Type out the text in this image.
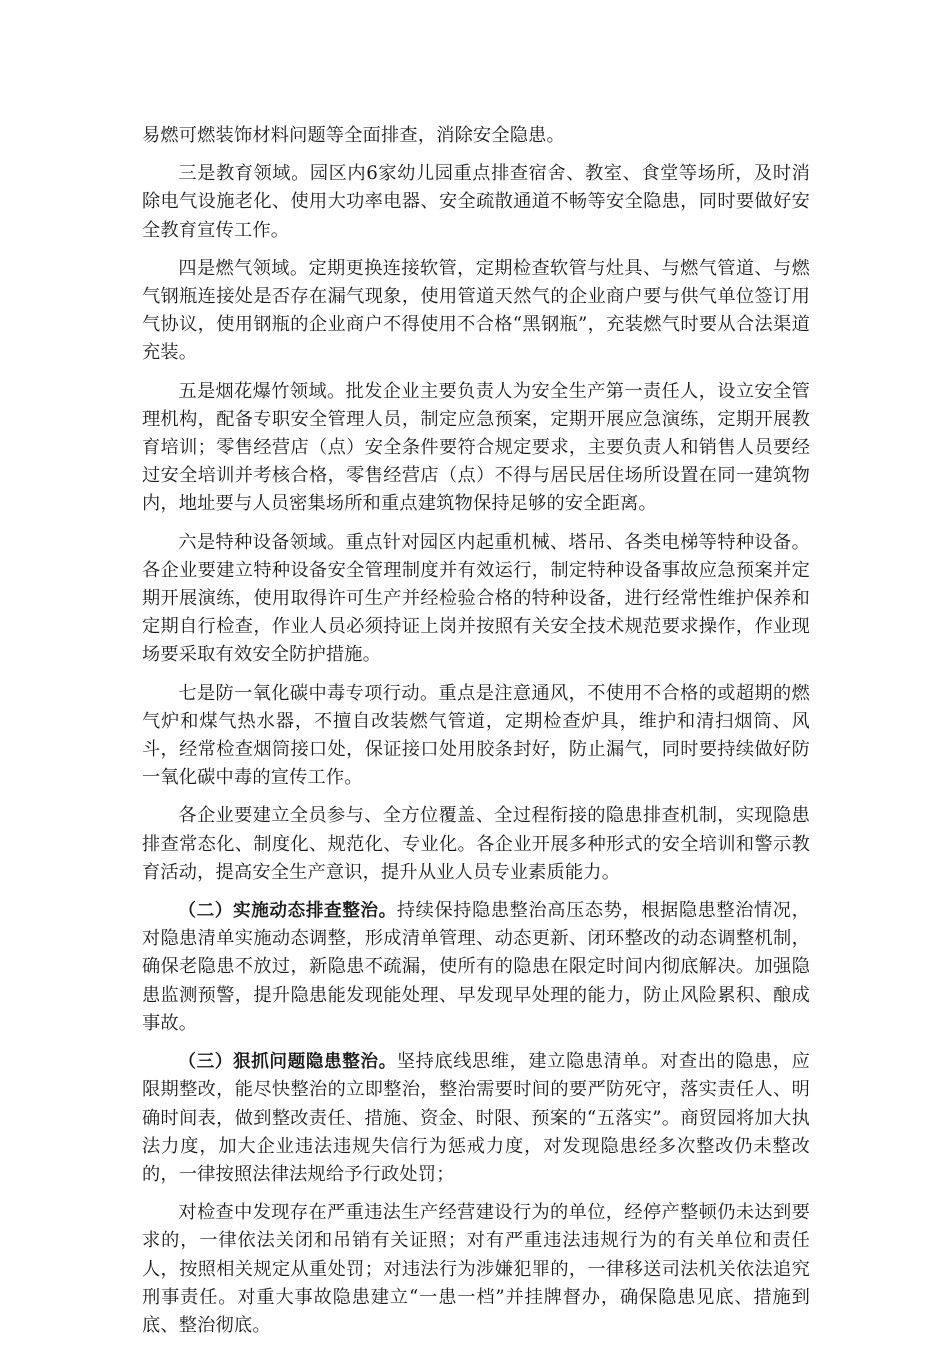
易燃可燃装饰材料问题等全面排查，消除安全隐患。

三是教育领域。园区内6家幼儿园重点排查宿舍、教室、食堂等场所，及时消除电气设施老化、使用大功率电器、安全疏散通道不畅等安全隐患，同时要做好安全教育宣传工作。

四是燃气领域。定期更换连接软管，定期检查软管与灶具、与燃气管道、与燃气钢瓶连接处是否存在漏气现象，使用管道天然气的企业商户要与供气单位签订用气协议，使用钢瓶的企业商户不得使用不合格“黑钢瓶”，充装燃气时要从合法渠道充装。

五是烟花爆竹领域。批发企业主要负责人为安全生产第一责任人，设立安全管理机构，配备专职安全管理人员，制定应急预案，定期开展应急演练，定期开展教育培训；零售经营店（点）安全条件要符合规定要求，主要负责人和销售人员要经过安全培训并考核合格，零售经营店（点）不得与居民居住场所设置在同一建筑物内，地址要与人员密集场所和重点建筑物保持足够的安全距离。

六是特种设备领域。重点针对园区内起重机械、塔吊、各类电梯等特种设备。各企业要建立特种设备安全管理制度并有效运行，制定特种设备事故应急预案并定期开展演练，使用取得许可生产并经检验合格的特种设备，进行经常性维护保养和定期自行检查，作业人员必须持证上岗并按照有关安全技术规范要求操作，作业现场要采取有效安全防护措施。

七是防一氧化碳中毒专项行动。重点是注意通风，不使用不合格的或超期的燃气炉和煤气热水器，不擅自改装燃气管道，定期检查炉具，维护和清扫烟筒、风斗，经常检查烟筒接口处，保证接口处用胶条封好，防止漏气，同时要持续做好防一氧化碳中毒的宣传工作。

各企业要建立全员参与、全方位覆盖、全过程衔接的隐患排查机制，实现隐患排查常态化、制度化、规范化、专业化。各企业开展多种形式的安全培训和警示教育活动，提高安全生产意识，提升从业人员专业素质能力。

（二）实施动态排查整治。持续保持隐患整治高压态势，根据隐患整治情况，对隐患清单实施动态调整，形成清单管理、动态更新、闭环整改的动态调整机制，确保老隐患不放过，新隐患不疏漏，使所有的隐患在限定时间内彻底解决。加强隐患监测预警，提升隐患能发现能处理、早发现早处理的能力，防止风险累积、酿成事故。

（三）狠抓问题隐患整治。坚持底线思维，建立隐患清单。对查出的隐患，应限期整改，能尽快整治的立即整治，整治需要时间的要严防死守，落实责任人、明确时间表，做到整改责任、措施、资金、时限、预案的“五落实”。商贸园将加大执法力度，加大企业违法违规失信行为惩戒力度，对发现隐患经多次整改仍未整改的，一律按照法律法规给予行政处罚；

对检查中发现存在严重违法生产经营建设行为的单位，经停产整顿仍未达到要求的，一律依法关闭和吊销有关证照；对有严重违法违规行为的有关单位和责任人，按照相关规定从重处罚；对违法行为涉嫌犯罪的，一律移送司法机关依法追究刑事责任。对重大事故隐患建立“一患一档”并挂牌督办，确保隐患见底、措施到底、整治彻底。
